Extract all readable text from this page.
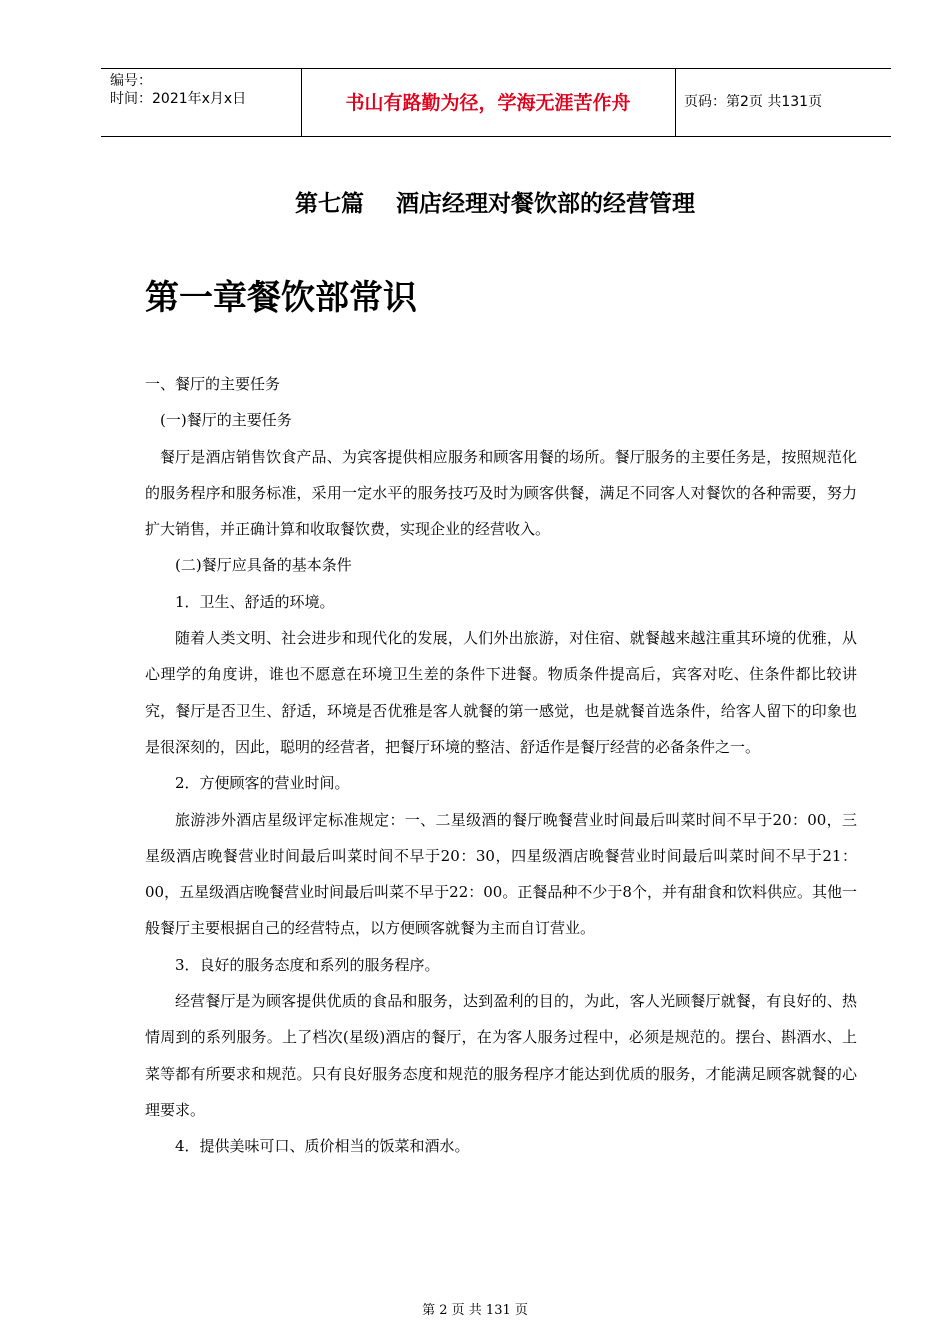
编号：
时间：2021年x月x日	书山有路勤为径，学海无涯苦作舟	页码：第2页 共131页
第七篇    酒店经理对餐饮部的经营管理
第一章餐饮部常识

一、餐厅的主要任务

(一)餐厅的主要任务

餐厅是酒店销售饮食产品、为宾客提供相应服务和顾客用餐的场所。餐厅服务的主要任务是，按照规范化的服务程序和服务标准，采用一定水平的服务技巧及时为顾客供餐，满足不同客人对餐饮的各种需要，努力扩大销售，并正确计算和收取餐饮费，实现企业的经营收入。

(二)餐厅应具备的基本条件

1．卫生、舒适的环境。

随着人类文明、社会进步和现代化的发展，人们外出旅游，对住宿、就餐越来越注重其环境的优雅，从心理学的角度讲，谁也不愿意在环境卫生差的条件下进餐。物质条件提高后，宾客对吃、住条件都比较讲究，餐厅是否卫生、舒适，环境是否优雅是客人就餐的第一感觉，也是就餐首选条件，给客人留下的印象也是很深刻的，因此，聪明的经营者，把餐厅环境的整洁、舒适作是餐厅经营的必备条件之一。

2．方便顾客的营业时间。

旅游涉外酒店星级评定标准规定：一、二星级酒的餐厅晚餐营业时间最后叫菜时间不早于20：00，三星级酒店晚餐营业时间最后叫菜时间不早于20：30，四星级酒店晚餐营业时间最后叫菜时间不早于21：00，五星级酒店晚餐营业时间最后叫菜不早于22：00。正餐品种不少于8个，并有甜食和饮料供应。其他一般餐厅主要根据自己的经营特点，以方便顾客就餐为主而自订营业。

3．良好的服务态度和系列的服务程序。

经营餐厅是为顾客提供优质的食品和服务，达到盈利的目的，为此，客人光顾餐厅就餐，有良好的、热情周到的系列服务。上了档次(星级)酒店的餐厅，在为客人服务过程中，必须是规范的。摆台、斟酒水、上菜等都有所要求和规范。只有良好服务态度和规范的服务程序才能达到优质的服务，才能满足顾客就餐的心理要求。

4．提供美味可口、质价相当的饭菜和酒水。

第 2 页 共 131 页
